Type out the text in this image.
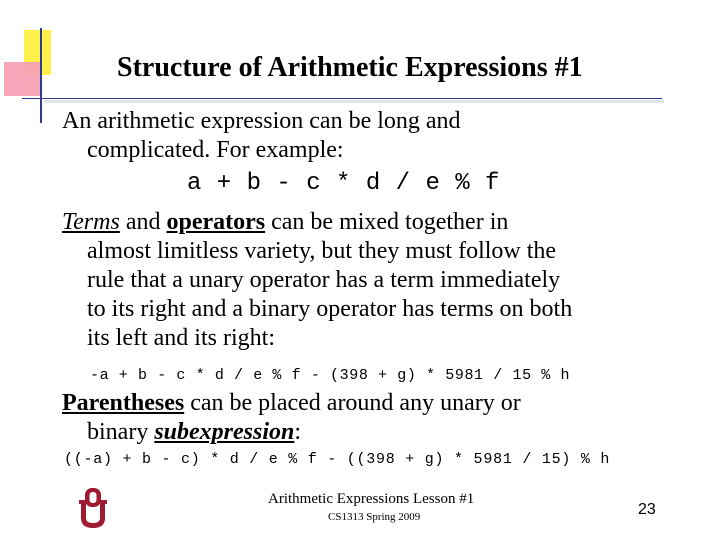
Structure of Arithmetic Expressions #1
An arithmetic expression can be long and
complicated. For example:
a + b - c * d / e % f
Terms and operators can be mixed together in
almost limitless variety, but they must follow the
rule that a unary operator has a term immediately
to its right and a binary operator has terms on both
its left and its right:
-a + b - c * d / e % f - (398 + g) * 5981 / 15 % h
Parentheses can be placed around any unary or
binary subexpression:
((-a) + b - c) * d / e % f - ((398 + g) * 5981 / 15) % h
Arithmetic Expressions Lesson #1
CS1313 Spring 2009	23
